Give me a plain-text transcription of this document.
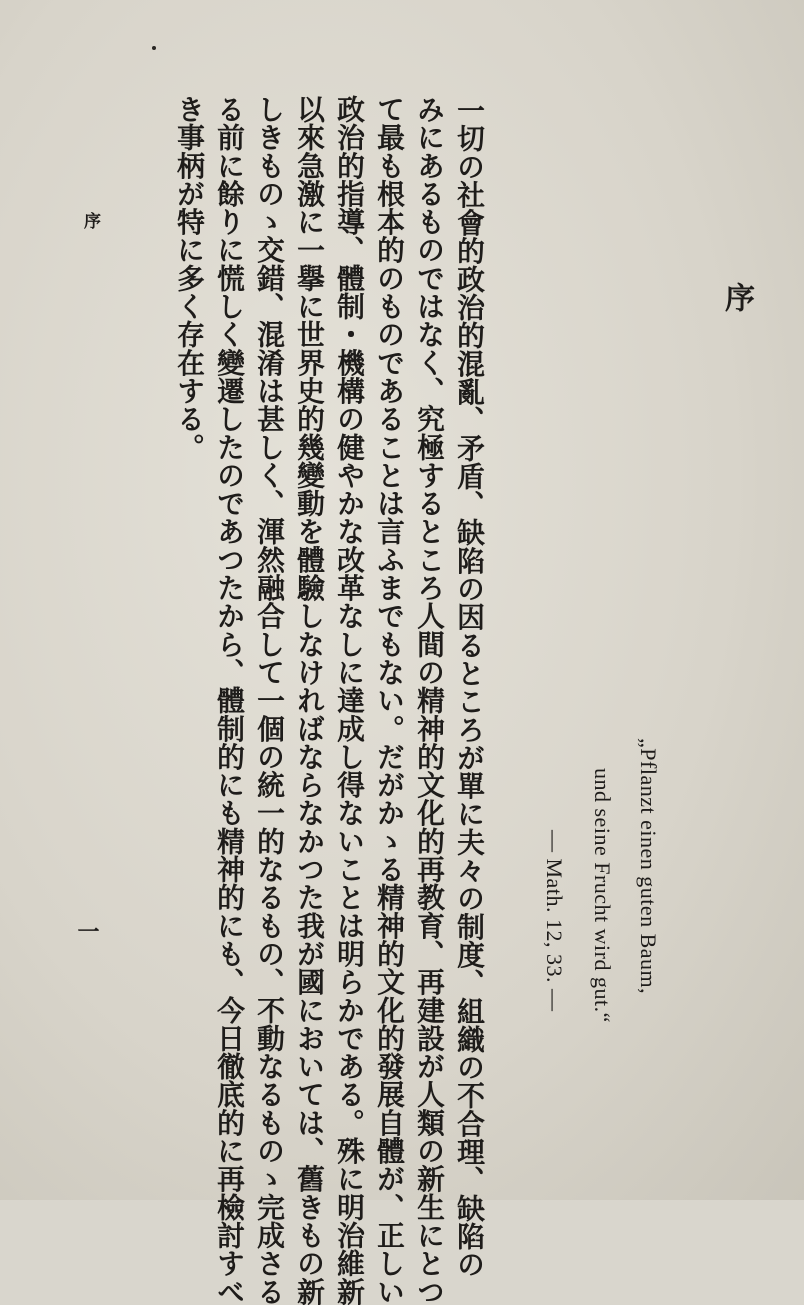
序
„Pflanzt einen guten Baum,
und seine Frucht wird gut.“
— Math. 12, 33. —
一切の社會的政治的混亂、矛盾、缺陷の因るところが單に夫々の制度、組織の不合理、缺陷の
みにあるものではなく、究極するところ人間の精神的文化的再教育、再建設が人類の新生にとつ
て最も根本的のものであることは言ふまでもない。だがかゝる精神的文化的發展自體が、正しい
政治的指導、體制・機構の健やかな改革なしに達成し得ないことは明らかである。殊に明治維新
以來急激に一擧に世界史的幾變動を體驗しなければならなかつた我が國においては、舊きもの新
しきものゝ交錯、混淆は甚しく、渾然融合して一個の統一的なるもの、不動なるものゝ完成さる
る前に餘りに慌しく變遷したのであつたから、體制的にも精神的にも、今日徹底的に再檢討すべ
き事柄が特に多く存在する。
序
一
